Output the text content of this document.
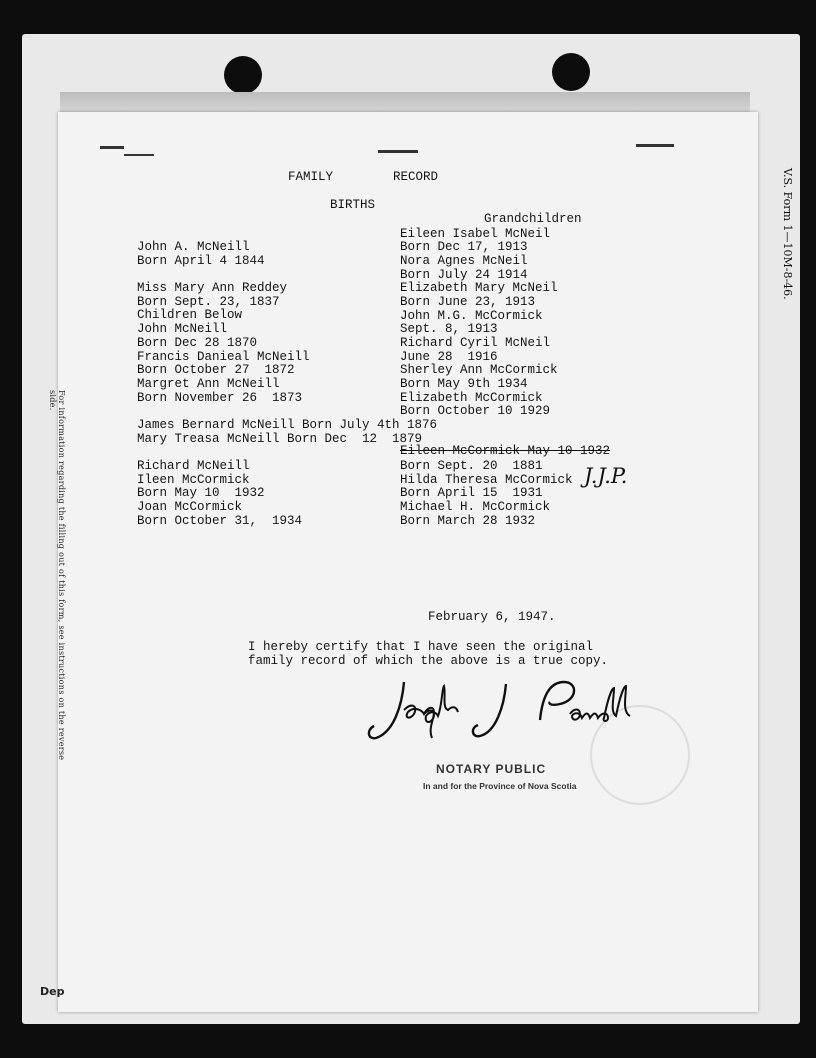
For information regarding the filling out of this form, see instructions on the reverse side.
V.S. Form 1—10M-8-46.
Dep
FAMILY	RECORD
BIRTHS
John A. McNeill
Born April 4 1844
Miss Mary Ann Reddey
Born Sept. 23, 1837
Children Below
John McNeill
Born Dec 28 1870
Francis Danieal McNeill
Born October 27  1872
Margret Ann McNeill
Born November 26  1873
Grandchildren
Eileen Isabel McNeil
Born Dec 17, 1913
Nora Agnes McNeil
Born July 24 1914
Elizabeth Mary McNeil
Born June 23, 1913
John M.G. McCormick
Sept. 8, 1913
Richard Cyril McNeil
June 28  1916
Sherley Ann McCormick
Born May 9th 1934
Elizabeth McCormick
Born October 10 1929
James Bernard McNeill Born July 4th 1876
Mary Treasa McNeill Born Dec  12  1879
Eileen McCormick May 10 1932
Richard McNeill
Ileen McCormick
Born May 10  1932
Joan McCormick
Born October 31,  1934
Born Sept. 20  1881
Hilda Theresa McCormick
Born April 15  1931
Michael H. McCormick
Born March 28 1932
J.J.P.
February 6, 1947.
I hereby certify that I have seen the original
family record of which the above is a true copy.
NOTARY PUBLIC
In and for the Province of Nova Scotia
